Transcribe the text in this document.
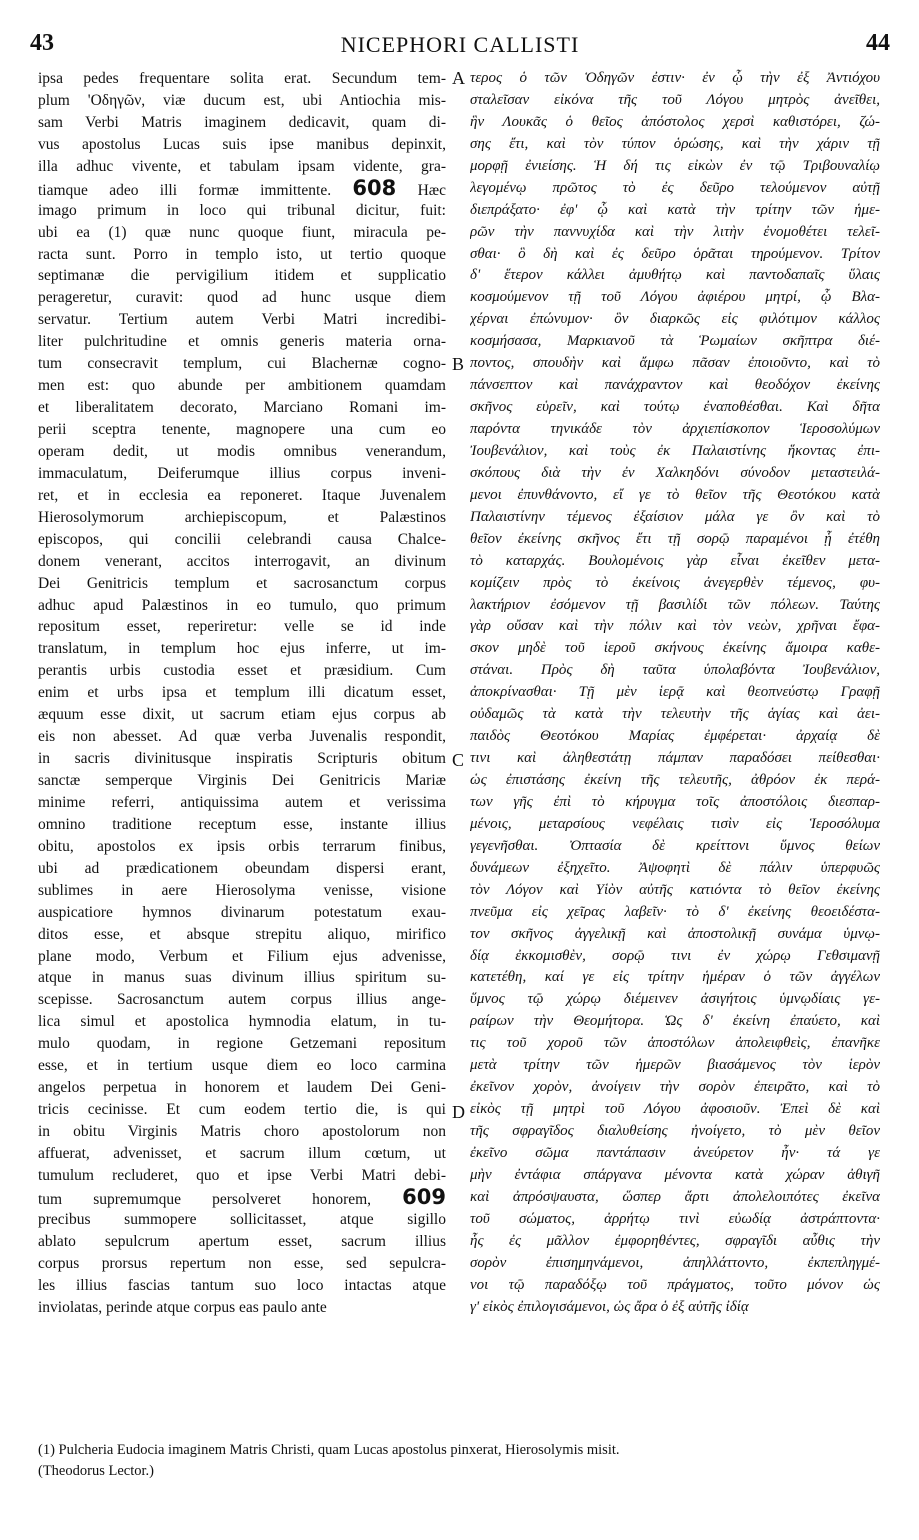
43	NICEPHORI CALLISTI	44
ipsa pedes frequentare solita erat. Secundum tem-
plum 'Οδηγῶν, viæ ducum est, ubi Antiochia mis-
sam Verbi Matris imaginem dedicavit, quam di-
vus apostolus Lucas suis ipse manibus depinxit,
illa adhuc vivente, et tabulam ipsam vidente, gra-
tiamque adeo illi formæ immittente. 608 Hæc
imago primum in loco qui tribunal dicitur, fuit:
ubi ea (1) quæ nunc quoque fiunt, miracula pe-
racta sunt. Porro in templo isto, ut tertio quoque
septimanæ die pervigilium itidem et supplicatio
perageretur, curavit: quod ad hunc usque diem
servatur. Tertium autem Verbi Matri incredibi-
liter pulchritudine et omnis generis materia orna-
tum consecravit templum, cui Blachernæ cogno-
men est: quo abunde per ambitionem quamdam
et liberalitatem decorato, Marciano Romani im-
perii sceptra tenente, magnopere una cum eo
operam dedit, ut modis omnibus venerandum,
immaculatum, Deiferumque illius corpus inveni-
ret, et in ecclesia ea reponeret. Itaque Juvenalem
Hierosolymorum archiepiscopum, et Palæstinos
episcopos, qui concilii celebrandi causa Chalce-
donem venerant, accitos interrogavit, an divinum
Dei Genitricis templum et sacrosanctum corpus
adhuc apud Palæstinos in eo tumulo, quo primum
repositum esset, reperiretur: velle se id inde
translatum, in templum hoc ejus inferre, ut im-
perantis urbis custodia esset et præsidium. Cum
enim et urbs ipsa et templum illi dicatum esset,
æquum esse dixit, ut sacrum etiam ejus corpus ab
eis non abesset. Ad quæ verba Juvenalis respondit,
in sacris divinitusque inspiratis Scripturis obitum
sanctæ semperque Virginis Dei Genitricis Mariæ
minime referri, antiquissima autem et verissima
omnino traditione receptum esse, instante illius
obitu, apostolos ex ipsis orbis terrarum finibus,
ubi ad prædicationem obeundam dispersi erant,
sublimes in aere Hierosolyma venisse, visione
auspicatiore hymnos divinarum potestatum exau-
ditos esse, et absque strepitu aliquo, mirifico
plane modo, Verbum et Filium ejus advenisse,
atque in manus suas divinum illius spiritum su-
scepisse. Sacrosanctum autem corpus illius ange-
lica simul et apostolica hymnodia elatum, in tu-
mulo quodam, in regione Getzemani repositum
esse, et in tertium usque diem eo loco carmina
angelos perpetua in honorem et laudem Dei Geni-
tricis cecinisse. Et cum eodem tertio die, is qui
in obitu Virginis Matris choro apostolorum non
affuerat, advenisset, et sacrum illum cœtum, ut
tumulum recluderet, quo et ipse Verbi Matri debi-
tum supremumque persolveret honorem, 609
precibus summopere sollicitasset, atque sigillo
ablato sepulcrum apertum esset, sacrum illius
corpus prorsus repertum non esse, sed sepulcra-
les illius fascias tantum suo loco intactas atque
inviolatas, perinde atque corpus eas paulo ante
τερος ὁ τῶν Ὁδηγῶν ἐστιν· ἐν ᾧ τὴν ἐξ Ἀντιόχου
σταλεῖσαν εἰκόνα τῆς τοῦ Λόγου μητρὸς ἀνεῖθει,
ἣν Λουκᾶς ὁ θεῖος ἀπόστολος χερσὶ καθιστόρει, ζώ-
σης ἔτι, καὶ τὸν τύπον ὁρώσης, καὶ τὴν χάριν τῇ
μορφῇ ἐνιείσης. Ἡ δή τις εἰκὼν ἐν τῷ Τριβουναλίῳ
λεγομένῳ πρῶτος τὸ ἐς δεῦρο τελούμενον αὐτῇ
διεπράξατο· ἐφ' ᾧ καὶ κατὰ τὴν τρίτην τῶν ἡμε-
ρῶν τὴν παννυχίδα καὶ τὴν λιτὴν ἐνομοθέτει τελεῖ-
σθαι· ὃ δὴ καὶ ἐς δεῦρο ὁρᾶται τηρούμενον. Τρίτον
δ' ἕτερον κάλλει ἀμυθήτῳ καὶ παντοδαπαῖς ὕλαις
κοσμούμενον τῇ τοῦ Λόγου ἀφιέρου μητρί, ᾧ Βλα-
χέρναι ἐπώνυμον· ὃν διαρκῶς εἰς φιλότιμον κάλλος
κοσμήσασα, Μαρκιανοῦ τὰ Ῥωμαίων σκῆπτρα διέ-
ποντος, σπουδὴν καὶ ἄμφω πᾶσαν ἐποιοῦντο, καὶ τὸ
πάνσεπτον καὶ πανάχραντον καὶ θεοδόχον ἐκείνης
σκῆνος εὑρεῖν, καὶ τούτῳ ἐναποθέσθαι. Καὶ δῆτα
παρόντα τηνικάδε τὸν ἀρχιεπίσκοπον Ἱεροσολύμων
Ἰουβενάλιον, καὶ τοὺς ἐκ Παλαιστίνης ἥκοντας ἐπι-
σκόπους διὰ τὴν ἐν Χαλκηδόνι σύνοδον μεταστειλά-
μενοι ἐπυνθάνοντο, εἴ γε τὸ θεῖον τῆς Θεοτόκου κατὰ
Παλαιστίνην τέμενος ἐξαίσιον μάλα γε ὂν καὶ τὸ
θεῖον ἐκείνης σκῆνος ἔτι τῇ σορῷ παραμένοι ᾗ ἐτέθη
τὸ καταρχάς. Βουλομένοις γὰρ εἶναι ἐκεῖθεν μετα-
κομίζειν πρὸς τὸ ἐκείνοις ἀνεγερθὲν τέμενος, φυ-
λακτήριον ἐσόμενον τῇ βασιλίδι τῶν πόλεων. Ταύτης
γὰρ οὔσαν καὶ τὴν πόλιν καὶ τὸν νεὼν, χρῆναι ἔφα-
σκον μηδὲ τοῦ ἱεροῦ σκήνους ἐκείνης ἄμοιρα καθε-
στάναι. Πρὸς δὴ ταῦτα ὑπολαβόντα Ἰουβενάλιον,
ἀποκρίνασθαι· Τῇ μὲν ἱερᾷ καὶ θεοπνεύστῳ Γραφῇ
οὐδαμῶς τὰ κατὰ τὴν τελευτὴν τῆς ἁγίας καὶ ἀει-
παιδὸς Θεοτόκου Μαρίας ἐμφέρεται· ἀρχαίᾳ δὲ
τινι καὶ ἀληθεστάτῃ πάμπαν παραδόσει πείθεσθαι·
ὡς ἐπιστάσης ἐκείνη τῆς τελευτῆς, ἀθρόον ἐκ περά-
των γῆς ἐπὶ τὸ κήρυγμα τοῖς ἀποστόλοις διεσπαρ-
μένοις, μεταρσίους νεφέλαις τισὶν εἰς Ἱεροσόλυμα
γεγενῆσθαι. Ὀπτασία δὲ κρείττονι ὕμνος θείων
δυνάμεων ἐξηχεῖτο. Ἀψοφητὶ δὲ πάλιν ὑπερφυῶς
τὸν Λόγον καὶ Υἱὸν αὐτῆς κατιόντα τὸ θεῖον ἐκείνης
πνεῦμα εἰς χεῖρας λαβεῖν· τὸ δ' ἐκείνης θεοειδέστα-
τον σκῆνος ἀγγελικῇ καὶ ἀποστολικῇ συνάμα ὑμνῳ-
δίᾳ ἐκκομισθὲν, σορῷ τινι ἐν χώρῳ Γεθσιμανῇ
κατετέθη, καί γε εἰς τρίτην ἡμέραν ὁ τῶν ἀγγέλων
ὕμνος τῷ χώρῳ διέμεινεν ἀσιγήτοις ὑμνῳδίαις γε-
ραίρων τὴν Θεομήτορα. Ὡς δ' ἐκείνη ἐπαύετο, καὶ
τις τοῦ χοροῦ τῶν ἀποστόλων ἀπολειφθεὶς, ἐπανῆκε
μετὰ τρίτην τῶν ἡμερῶν βιασάμενος τὸν ἱερὸν
ἐκεῖνον χορὸν, ἀνοίγειν τὴν σορὸν ἐπειρᾶτο, καὶ τὸ
εἰκὸς τῇ μητρὶ τοῦ Λόγου ἀφοσιοῦν. Ἐπεὶ δὲ καὶ
τῆς σφραγῖδος διαλυθείσης ἠνοίγετο, τὸ μὲν θεῖον
ἐκεῖνο σῶμα παντάπασιν ἀνεύρετον ἦν· τά γε
μὴν ἐντάφια σπάργανα μένοντα κατὰ χώραν ἀθιγῆ
καὶ ἀπρόσψαυστα, ὥσπερ ἄρτι ἀπολελοιπότες ἐκεῖνα
τοῦ σώματος, ἀρρήτῳ τινὶ εὐωδίᾳ ἀστράπτοντα·
ἧς ἐς μᾶλλον ἐμφορηθέντες, σφραγῖδι αὖθις τὴν
σορὸν ἐπισημηνάμενοι, ἀπηλλάττοντο, ἐκπεπληγμέ-
νοι τῷ παραδόξῳ τοῦ πράγματος, τοῦτο μόνον ὡς
γ' εἰκὸς ἐπιλογισάμενοι, ὡς ἄρα ὁ ἐξ αὐτῆς ἰδίᾳ
A
B
C
D
(1) Pulcheria Eudocia imaginem Matris Christi, quam Lucas apostolus pinxerat, Hierosolymis misit.
(Theodorus Lector.)
